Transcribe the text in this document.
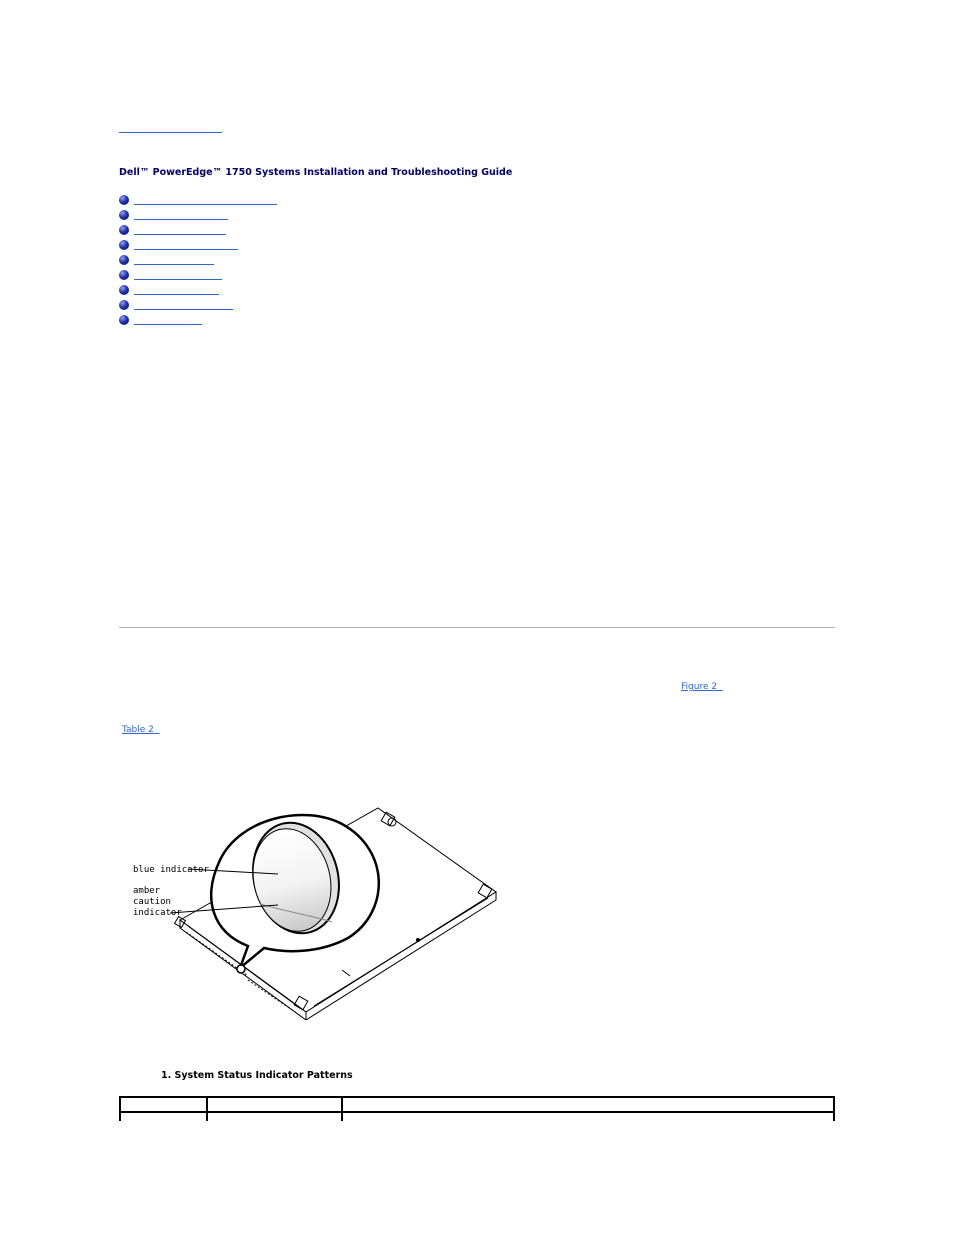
Dell™ PowerEdge™ 1750 Systems Installation and Troubleshooting Guide
Figure 2
Table 2
blue indicator
amber
caution
indicator

1. System Status Indicator Patterns
